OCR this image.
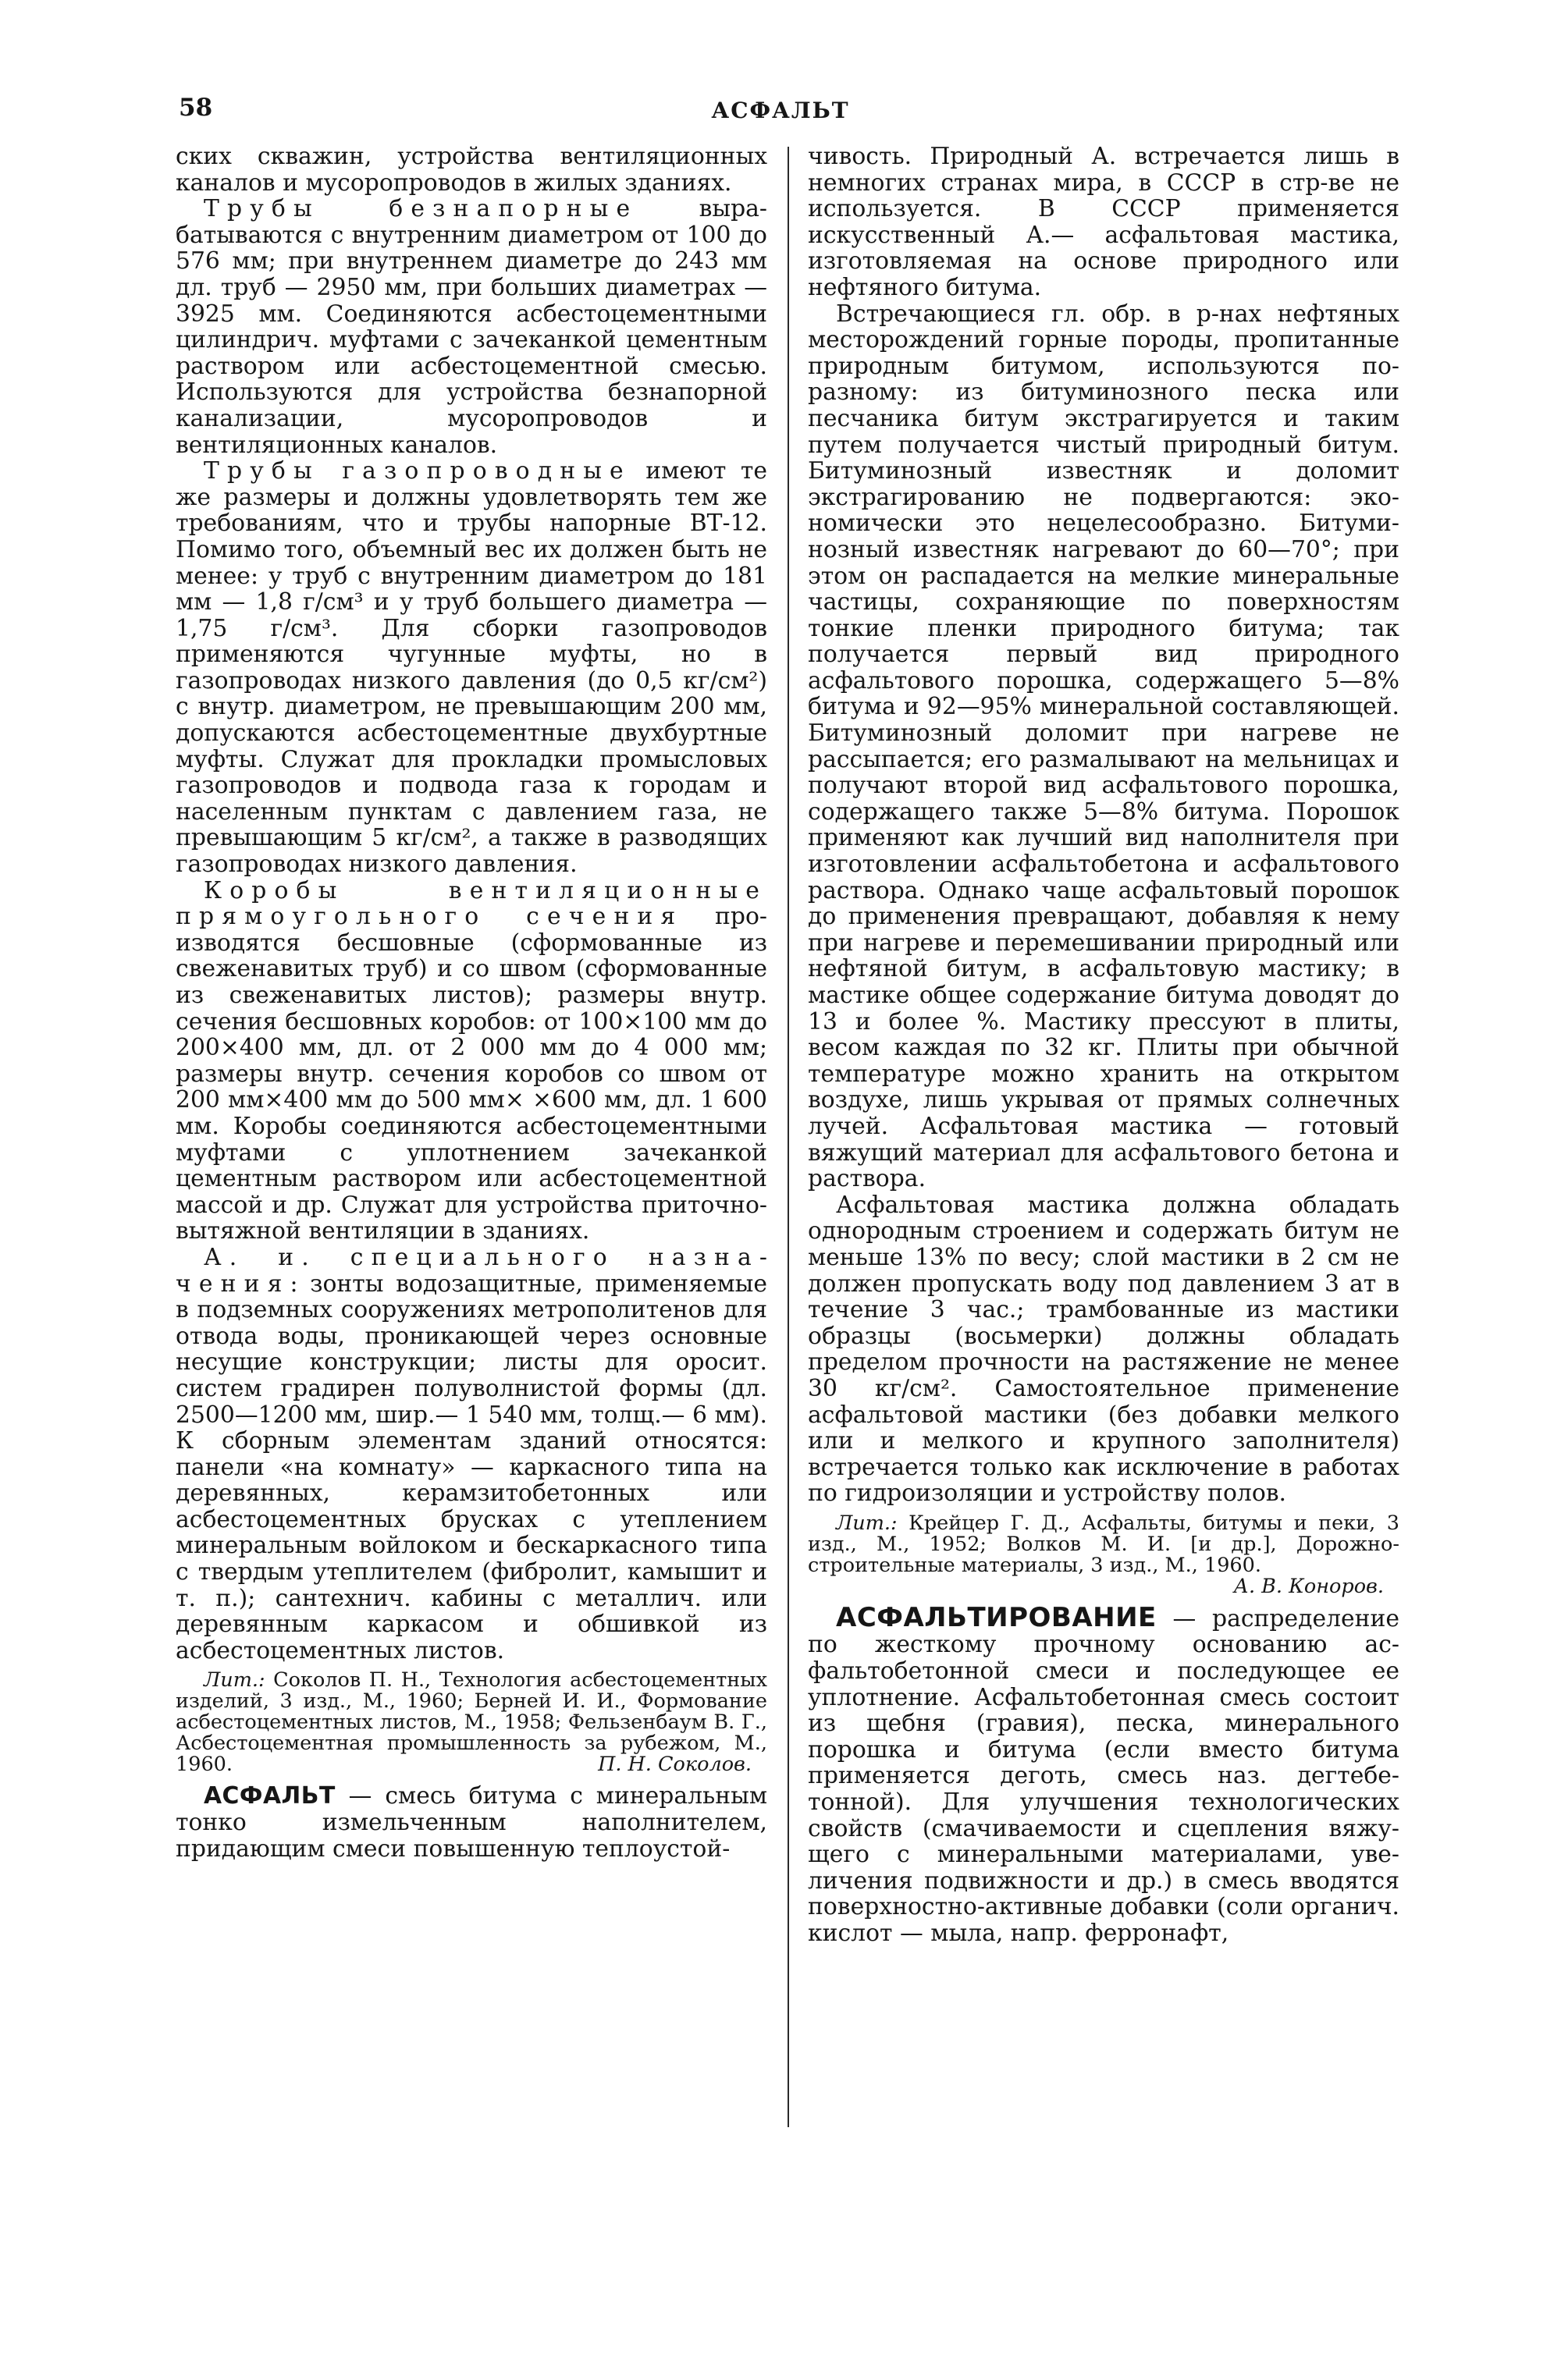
58	АСФАЛЬТ

ских скважин, устройства вентиляционных каналов и мусоропроводов в жилых зданиях.

Трубы безнапорные вырабатываются с внутренним диаметром от 100 до 576 мм; при внутреннем диаметре до 243 мм дл. труб — 2950 мм, при больших диаметрах — 3925 мм. Соединяются асбестоцементными цилиндрич. муфтами с зачеканкой цементным раствором или асбестоцементной смесью. Используются для устройства безнапорной канализации, мусоропроводов и вентиляционных каналов.

Трубы газопроводные имеют те же размеры и должны удовлетворять тем же требованиям, что и трубы напорные ВТ-12. Помимо того, объемный вес их должен быть не менее: у труб с внутренним диаметром до 181 мм — 1,8 г/см³ и у труб большего диаметра — 1,75 г/см³. Для сборки газопроводов применяются чугунные муфты, но в газопроводах низкого давления (до 0,5 кг/см²) с внутр. диаметром, не превышающим 200 мм, допускаются асбестоцементные двухбуртные муфты. Служат для прокладки промысловых газопроводов и подвода газа к городам и населенным пунктам с давлением газа, не превышающим 5 кг/см², а также в разводящих газопроводах низкого давления.

Коробы вентиляционные прямоугольного сечения производятся бесшовные (сформованные из свеженавитых труб) и со швом (сформованные из свеженавитых листов); размеры внутр. сечения бесшовных коробов: от 100×100 мм до 200×400 мм, дл. от 2 000 мм до 4 000 мм; размеры внутр. сечения коробов со швом от 200 мм×400 мм до 500 мм× ×600 мм, дл. 1 600 мм. Коробы соединяются асбестоцементными муфтами с уплотнением зачеканкой цементным раствором или асбестоцементной массой и др. Служат для устройства приточно-вытяжной вентиляции в зданиях.

А. и. специального назначения: зонты водозащитные, применяемые в подземных сооружениях метрополитенов для отвода воды, проникающей через основные несущие конструкции; листы для оросит. систем градирен полуволнистой формы (дл. 2500—1200 мм, шир.— 1 540 мм, толщ.— 6 мм). К сборным элементам зданий относятся: панели «на комнату» — каркасного типа на деревянных, керамзитобетонных или асбестоцементных брусках с утеплением минеральным войлоком и бескаркасного типа с твердым утеплителем (фибролит, камышит и т. п.); сантехнич. кабины с металлич. или деревянным каркасом и обшивкой из асбестоцементных листов.

Лит.: Соколов П. Н., Технология асбестоцементных изделий, 3 изд., М., 1960; Берней И. И., Формование асбестоцементных листов, М., 1958; Фельзенбаум В. Г., Асбестоцементная промышленность за рубежом, М., 1960.	П. Н. Соколов.

АСФАЛЬТ — смесь битума с минеральным тонко измельченным наполнителем, придающим смеси повышенную теплоустой-

чивость. Природный А. встречается лишь в немногих странах мира, в СССР в стр-ве не используется. В СССР применяется искусственный А.— асфальтовая мастика, изготовляемая на основе природного или нефтяного битума.

Встречающиеся гл. обр. в р-нах нефтяных месторождений горные породы, пропитанные природным битумом, используются по-разному: из битуминозного песка или песчаника битум экстрагируется и таким путем получается чистый природный битум. Битуминозный известняк и доломит экстрагированию не подвергаются: экономически это нецелесообразно. Битуминозный известняк нагревают до 60—70°; при этом он распадается на мелкие минеральные частицы, сохраняющие по поверхностям тонкие пленки природного битума; так получается первый вид природного асфальтового порошка, содержащего 5—8% битума и 92—95% минеральной составляющей. Битуминозный доломит при нагреве не рассыпается; его размалывают на мельницах и получают второй вид асфальтового порошка, содержащего также 5—8% битума. Порошок применяют как лучший вид наполнителя при изготовлении асфальтобетона и асфальтового раствора. Однако чаще асфальтовый порошок до применения превращают, добавляя к нему при нагреве и перемешивании природный или нефтяной битум, в асфальтовую мастику; в мастике общее содержание битума доводят до 13 и более %. Мастику прессуют в плиты, весом каждая по 32 кг. Плиты при обычной температуре можно хранить на открытом воздухе, лишь укрывая от прямых солнечных лучей. Асфальтовая мастика — готовый вяжущий материал для асфальтового бетона и раствора.

Асфальтовая мастика должна обладать однородным строением и содержать битум не меньше 13% по весу; слой мастики в 2 см не должен пропускать воду под давлением 3 ат в течение 3 час.; трамбованные из мастики образцы (восьмерки) должны обладать пределом прочности на растяжение не менее 30 кг/см². Самостоятельное применение асфальтовой мастики (без добавки мелкого или и мелкого и крупного заполнителя) встречается только как исключение в работах по гидроизоляции и устройству полов.

Лит.: Крейцер Г. Д., Асфальты, битумы и пеки, 3 изд., М., 1952; Волков М. И. [и др.], Дорожно-строительные материалы, 3 изд., М., 1960.
А. В. Коноров.

АСФАЛЬТИРОВАНИЕ — распределение по жесткому прочному основанию асфальтобетонной смеси и последующее ее уплотнение. Асфальтобетонная смесь состоит из щебня (гравия), песка, минерального порошка и битума (если вместо битума применяется деготь, смесь наз. дегтебетонной). Для улучшения технологических свойств (смачиваемости и сцепления вяжущего с минеральными материалами, увеличения подвижности и др.) в смесь вводятся поверхностно-активные добавки (соли органич. кислот — мыла, напр. ферронафт,
